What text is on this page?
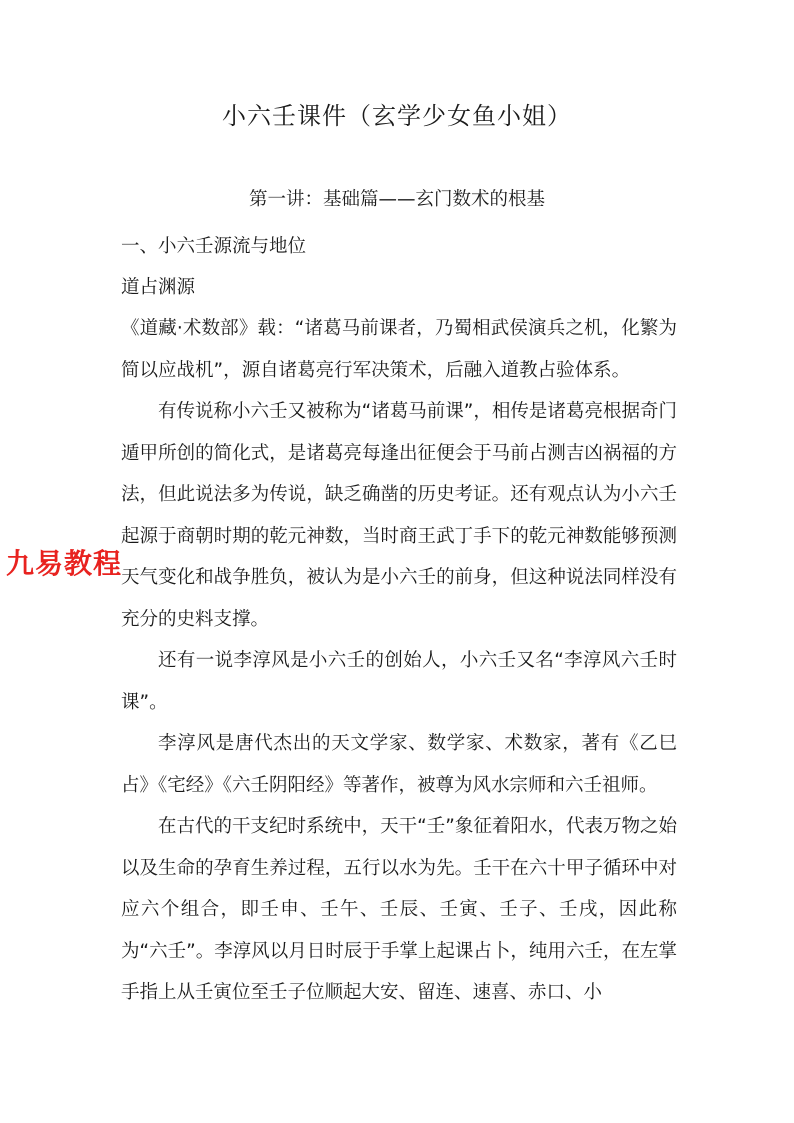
小六壬课件（玄学少女鱼小姐）
第一讲：基础篇——玄门数术的根基

一、小六壬源流与地位

道占渊源

《道藏·术数部》载：“诸葛马前课者，乃蜀相武侯演兵之机，化繁为简以应战机”，源自诸葛亮行军决策术，后融入道教占验体系。

有传说称小六壬又被称为“诸葛马前课”，相传是诸葛亮根据奇门遁甲所创的简化式，是诸葛亮每逢出征便会于马前占测吉凶祸福的方法，但此说法多为传说，缺乏确凿的历史考证。还有观点认为小六壬起源于商朝时期的乾元神数，当时商王武丁手下的乾元神数能够预测天气变化和战争胜负，被认为是小六壬的前身，但这种说法同样没有充分的史料支撑。

还有一说李淳风是小六壬的创始人，小六壬又名“李淳风六壬时课”。

李淳风是唐代杰出的天文学家、数学家、术数家，著有《乙巳占》《宅经》《六壬阴阳经》等著作，被尊为风水宗师和六壬祖师。

在古代的干支纪时系统中，天干“壬”象征着阳水，代表万物之始以及生命的孕育生养过程，五行以水为先。壬干在六十甲子循环中对应六个组合，即壬申、壬午、壬辰、壬寅、壬子、壬戌，因此称为“六壬”。李淳风以月日时辰于手掌上起课占卜，纯用六壬，在左掌手指上从壬寅位至壬子位顺起大安、留连、速喜、赤口、小

九易教程
